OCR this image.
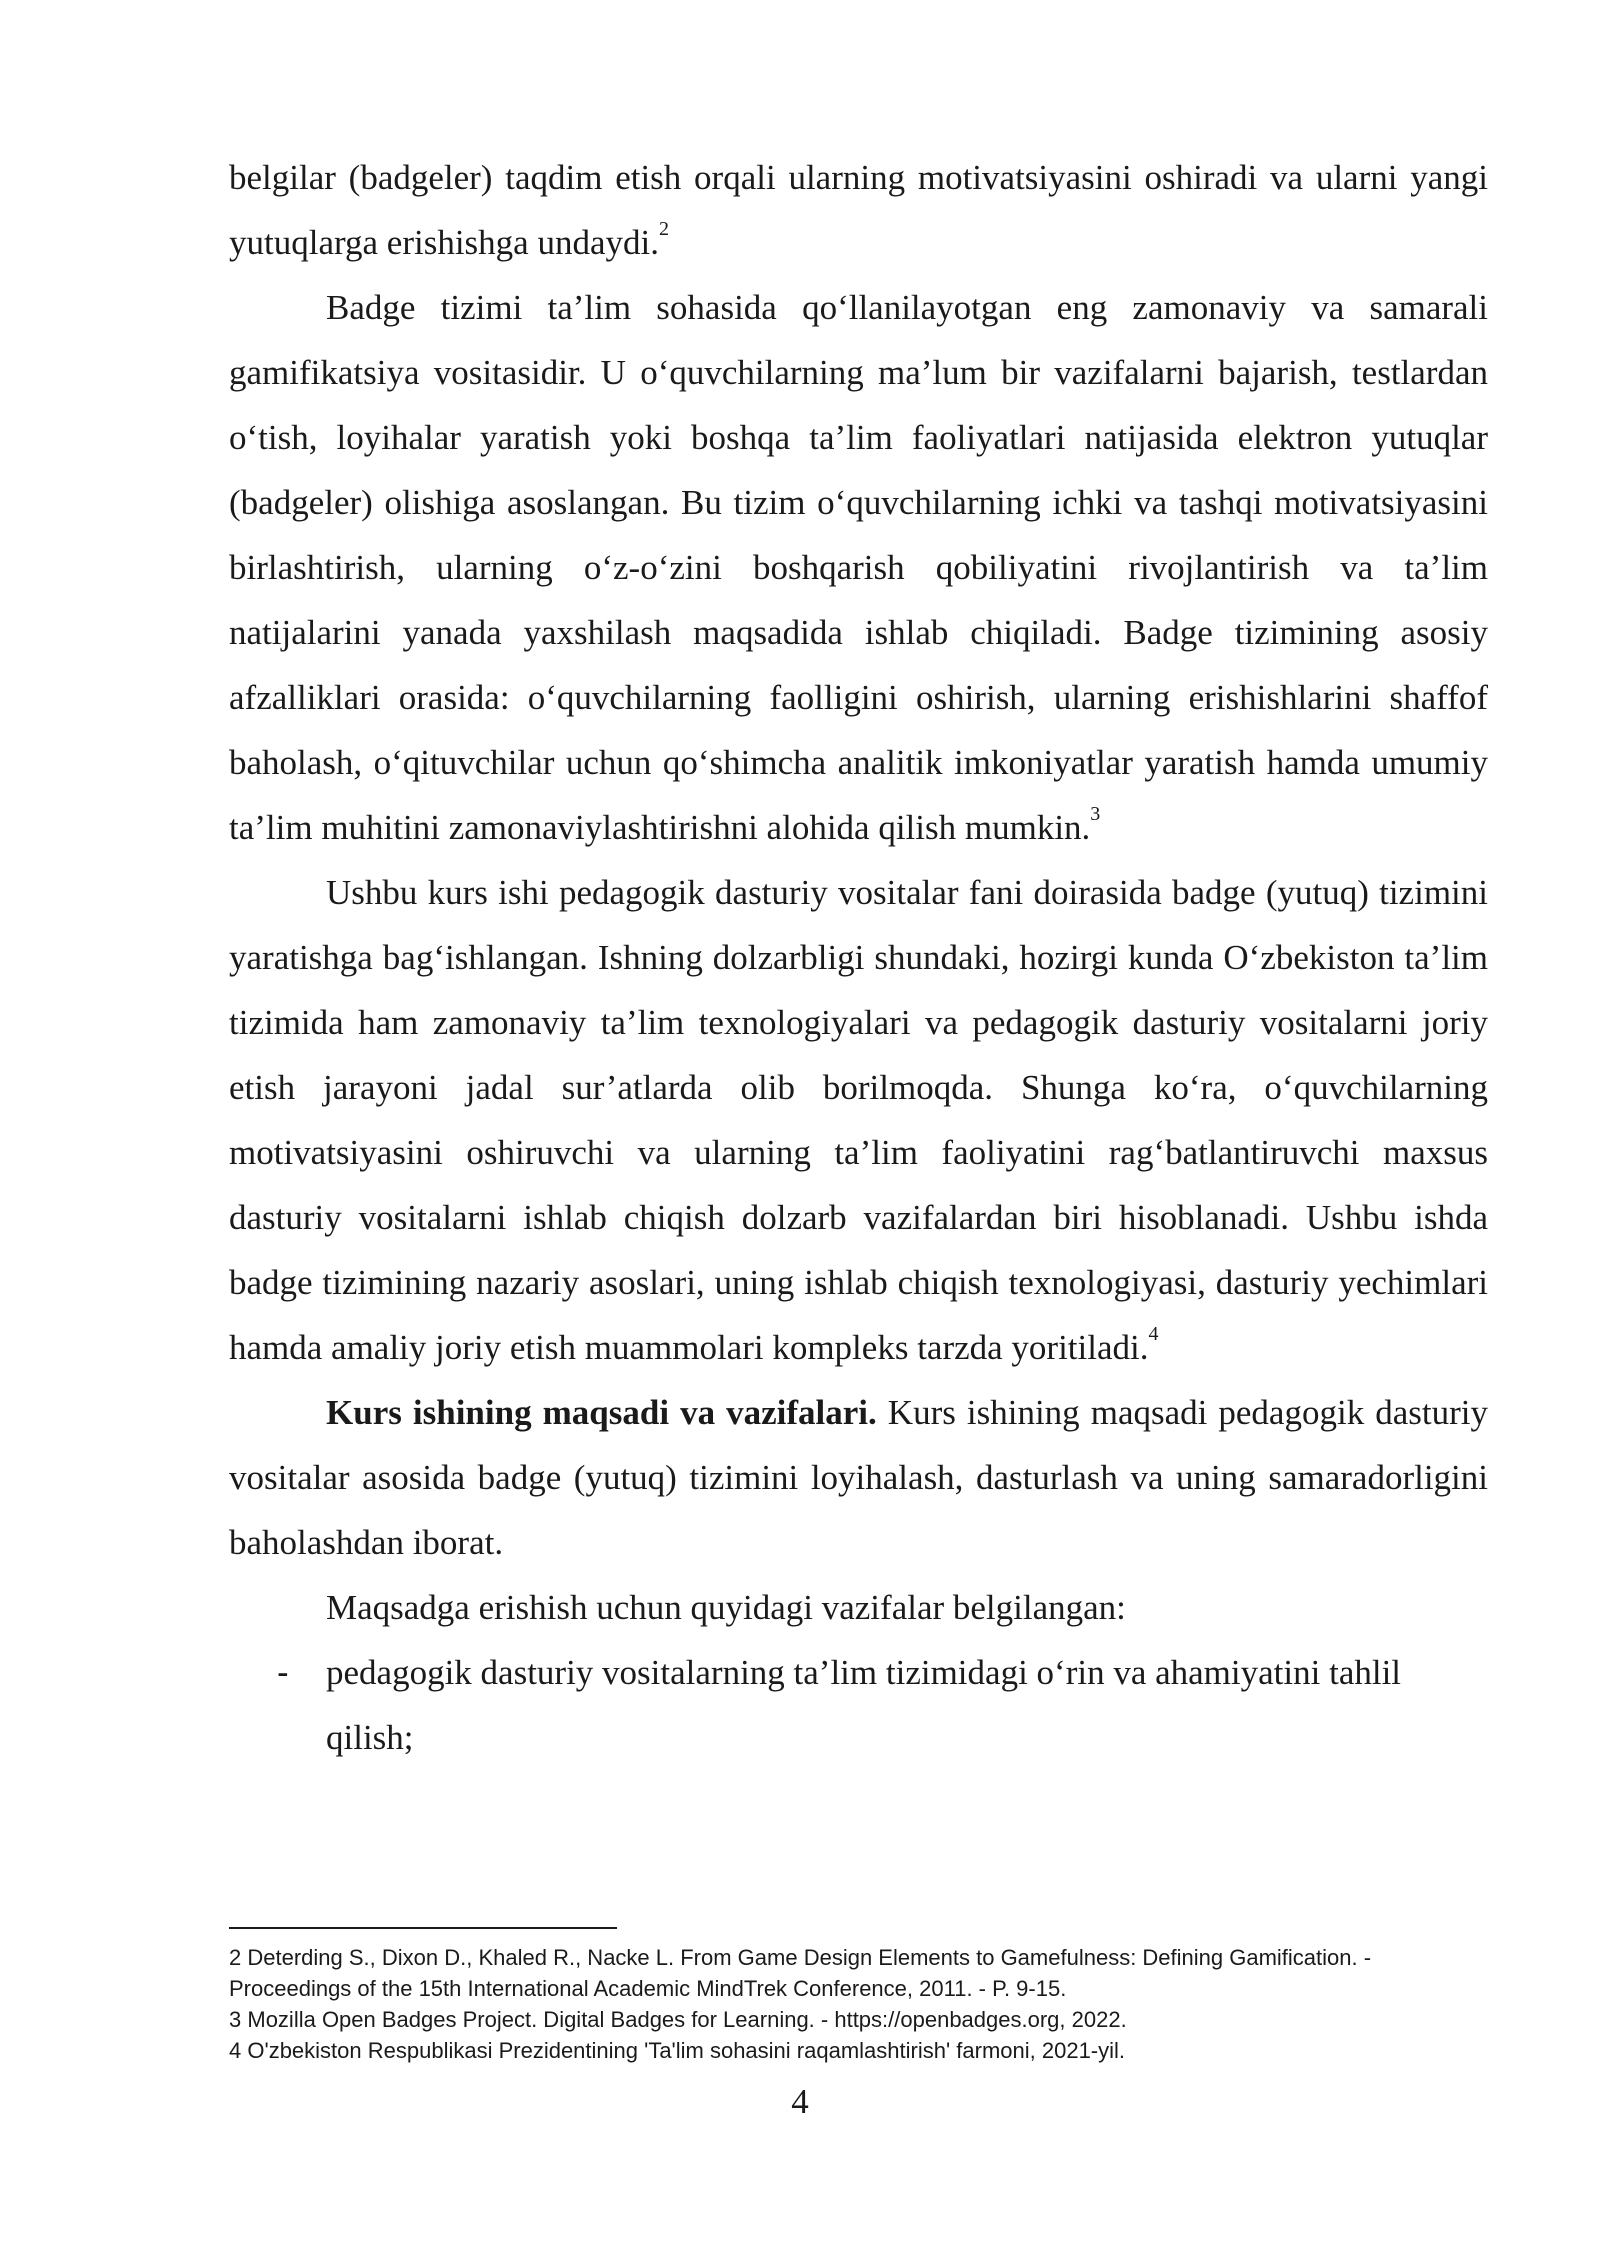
belgilar (badgeler) taqdim etish orqali ularning motivatsiyasini oshiradi va ularni yangi yutuqlarga erishishga undaydi.$^2$

Badge tizimi ta’lim sohasida qo‘llanilayotgan eng zamonaviy va samarali gamifikatsiya vositasidir. U o‘quvchilarning ma’lum bir vazifalarni bajarish, testlardan o‘tish, loyihalar yaratish yoki boshqa ta’lim faoliyatlari natijasida elektron yutuqlar (badgeler) olishiga asoslangan. Bu tizim o‘quvchilarning ichki va tashqi motivatsiyasini birlashtirish, ularning o‘z-o‘zini boshqarish qobiliyatini rivojlantirish va ta’lim natijalarini yanada yaxshilash maqsadida ishlab chiqiladi. Badge tizimining asosiy afzalliklari orasida: o‘quvchilarning faolligini oshirish, ularning erishishlarini shaffof baholash, o‘qituvchilar uchun qo‘shimcha analitik imkoniyatlar yaratish hamda umumiy ta’lim muhitini zamonaviylashtirishni alohida qilish mumkin.$^3$

Ushbu kurs ishi pedagogik dasturiy vositalar fani doirasida badge (yutuq) tizimini yaratishga bag‘ishlangan. Ishning dolzarbligi shundaki, hozirgi kunda O‘zbekiston ta’lim tizimida ham zamonaviy ta’lim texnologiyalari va pedagogik dasturiy vositalarni joriy etish jarayoni jadal sur’atlarda olib borilmoqda. Shunga ko‘ra, o‘quvchilarning motivatsiyasini oshiruvchi va ularning ta’lim faoliyatini rag‘batlantiruvchi maxsus dasturiy vositalarni ishlab chiqish dolzarb vazifalardan biri hisoblanadi. Ushbu ishda badge tizimining nazariy asoslari, uning ishlab chiqish texnologiyasi, dasturiy yechimlari hamda amaliy joriy etish muammolari kompleks tarzda yoritiladi.$^4$

Kurs ishining maqsadi va vazifalari. Kurs ishining maqsadi pedagogik dasturiy vositalar asosida badge (yutuq) tizimini loyihalash, dasturlash va uning samaradorligini baholashdan iborat.

Maqsadga erishish uchun quyidagi vazifalar belgilangan:

- pedagogik dasturiy vositalarning ta’lim tizimidagi o‘rin va ahamiyatini tahlil qilish;

2 Deterding S., Dixon D., Khaled R., Nacke L. From Game Design Elements to Gamefulness: Defining Gamification. - Proceedings of the 15th International Academic MindTrek Conference, 2011. - P. 9-15.

3 Mozilla Open Badges Project. Digital Badges for Learning. - https://openbadges.org, 2022.

4 O'zbekiston Respublikasi Prezidentining 'Ta'lim sohasini raqamlashtirish' farmoni, 2021-yil.

4
